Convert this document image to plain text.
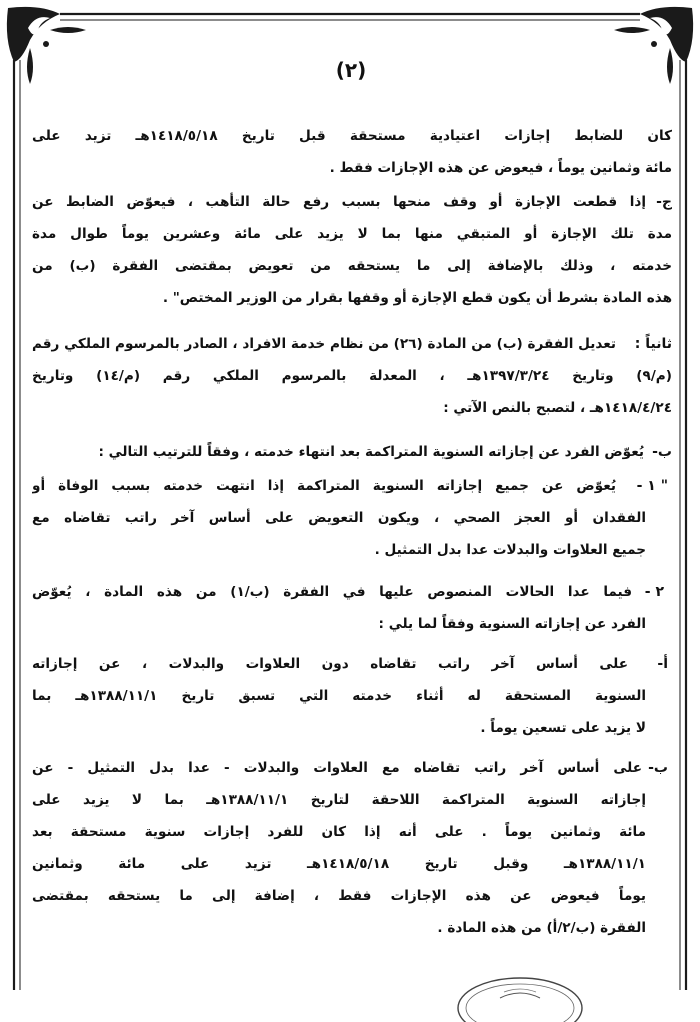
(٢)
كان للضابط إجازات اعتيادية مستحقة قبل تاريخ ١٤١٨/٥/١٨هـ تزيد على
مائة وثمانين يوماً ، فيعوض عن هذه الإجازات فقط .
ج-
إذا قطعت الإجازة أو وقف منحها بسبب رفع حالة التأهب ، فيعوّض الضابط عن
مدة تلك الإجازة أو المتبقي منها بما لا يزيد على مائة وعشرين يوماً طوال مدة
خدمته ، وذلك بالإضافة إلى ما يستحقه من تعويض بمقتضى الفقرة (ب) من
هذه المادة بشرط أن يكون قطع الإجازة أو وقفها بقرار من الوزير المختص" .
ثانياً :
تعديل الفقرة (ب) من المادة (٢٦) من نظام خدمة الافراد ، الصادر بالمرسوم الملكي رقم
(م/٩) وتاريخ ١٣٩٧/٣/٢٤هـ ، المعدلة بالمرسوم الملكي رقم (م/١٤) وتاريخ
١٤١٨/٤/٢٤هـ ، لتصبح بالنص الآتي :
ب-
يُعوّض الفرد عن إجازاته السنوية المتراكمة بعد انتهاء خدمته ، وفقاً للترتيب التالي :
" ١ -
يُعوّض عن جميع إجازاته السنوية المتراكمة إذا انتهت خدمته بسبب الوفاة أو
الفقدان أو العجز الصحي ، ويكون التعويض على أساس آخر راتب تقاضاه مع
جميع العلاوات والبدلات عدا بدل التمثيل .
٢ -
فيما عدا الحالات المنصوص عليها في الفقرة (ب/١) من هذه المادة ، يُعوّض
الفرد عن إجازاته السنوية وفقاً لما يلي :
أ-
على أساس آخر راتب تقاضاه دون العلاوات والبدلات ، عن إجازاته
السنوية المستحقة له أثناء خدمته التي تسبق تاريخ ١٣٨٨/١١/١هـ بما
لا يزيد على تسعين يوماً .
ب-
على أساس آخر راتب تقاضاه مع العلاوات والبدلات - عدا بدل التمثيل - عن
إجازاته السنوية المتراكمة اللاحقة لتاريخ ١٣٨٨/١١/١هـ بما لا يزيد على
مائة وثمانين يوماً . على أنه إذا كان للفرد إجازات سنوية مستحقة بعد
١٣٨٨/١١/١هـ وقبل تاريخ ١٤١٨/٥/١٨هـ تزيد على مائة وثمانين
يوماً فيعوض عن هذه الإجازات فقط ، إضافة إلى ما يستحقه بمقتضى
الفقرة (ب/٢/أ) من هذه المادة .
